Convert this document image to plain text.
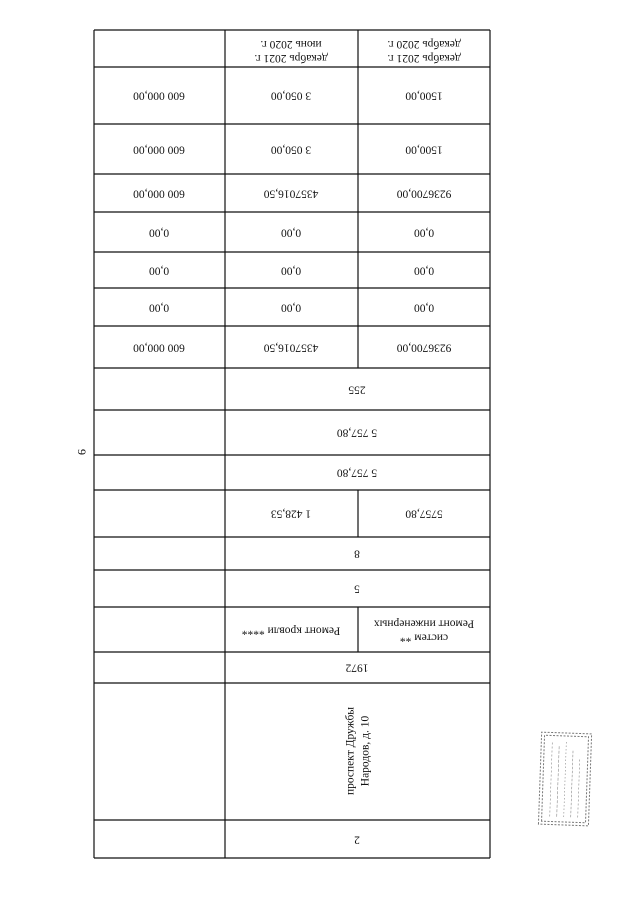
9
декабрь 2020 г.
декабрь 2021 г.
июнь 2020 г.
декабрь 2021 г.
1500,00
3 050,00
600 000,00
1500,00
3 050,00
600 000,00
9236700,00
4357016,50
600 000,00
0,00
0,00
0,00
0,00
0,00
0,00
0,00
0,00
0,00
9236700,00
4357016,50
600 000,00
255
5 757,80
5 757,80
5757,80
1 428,53
8
5
Ремонт инженерных
систем **
Ремонт кровли ****
1972
проспект Дружбы Народов, д. 10
2
